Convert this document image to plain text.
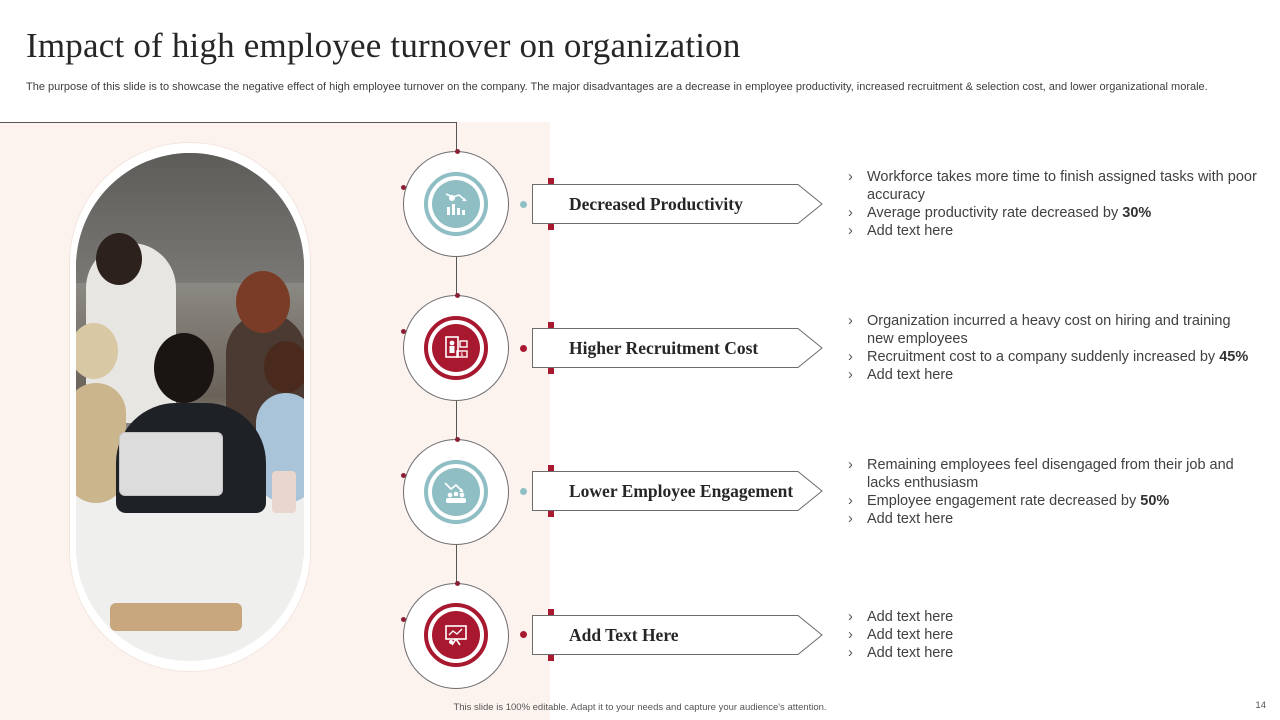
Impact of high employee turnover on organization
The purpose of this slide is to showcase the negative effect of high employee turnover on the company. The major disadvantages are a decrease in employee productivity, increased recruitment & selection cost, and lower organizational morale.
Decreased Productivity
› Workforce takes more time to finish assigned tasks with poor accuracy
› Average productivity rate decreased by 30%
› Add text here
$	Higher Recruitment Cost
› Organization incurred a heavy cost on hiring and training new employees
› Recruitment cost to a company suddenly increased by 45%
› Add text here
Lower Employee Engagement
› Remaining employees feel disengaged from their job and lacks enthusiasm
› Employee engagement rate decreased by 50%
› Add text here
Add Text Here
› Add text here
› Add text here
› Add text here
This slide is 100% editable. Adapt it to your needs and capture your audience's attention.	14
